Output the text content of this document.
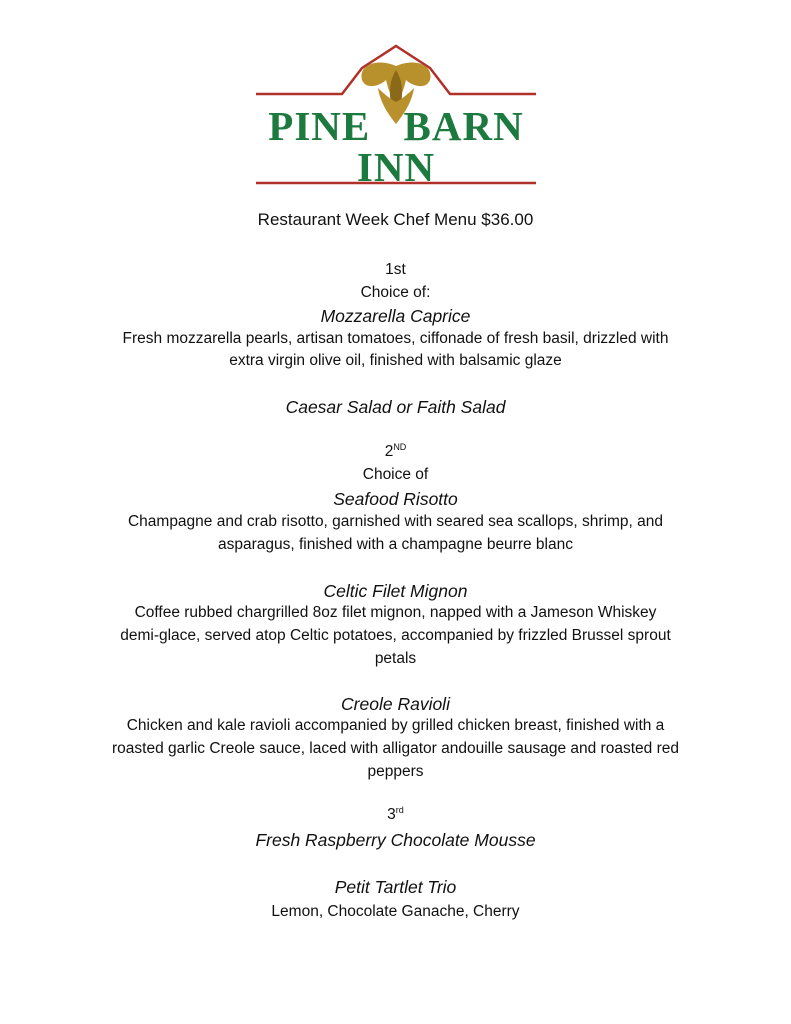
PINE BARN
INN
Restaurant Week Chef Menu $36.00
1st
Choice of:
Mozzarella Caprice
Fresh mozzarella pearls, artisan tomatoes, ciffonade of fresh basil, drizzled with
extra virgin olive oil, finished with balsamic glaze
Caesar Salad or Faith Salad
2ND
Choice of
Seafood Risotto
Champagne and crab risotto, garnished with seared sea scallops, shrimp, and
asparagus, finished with a champagne beurre blanc
Celtic Filet Mignon
Coffee rubbed chargrilled 8oz filet mignon, napped with a Jameson Whiskey
demi-glace, served atop Celtic potatoes, accompanied by frizzled Brussel sprout
petals
Creole Ravioli
Chicken and kale ravioli accompanied by grilled chicken breast, finished with a
roasted garlic Creole sauce, laced with alligator andouille sausage and roasted red
peppers
3rd
Fresh Raspberry Chocolate Mousse
Petit Tartlet Trio
Lemon, Chocolate Ganache, Cherry
